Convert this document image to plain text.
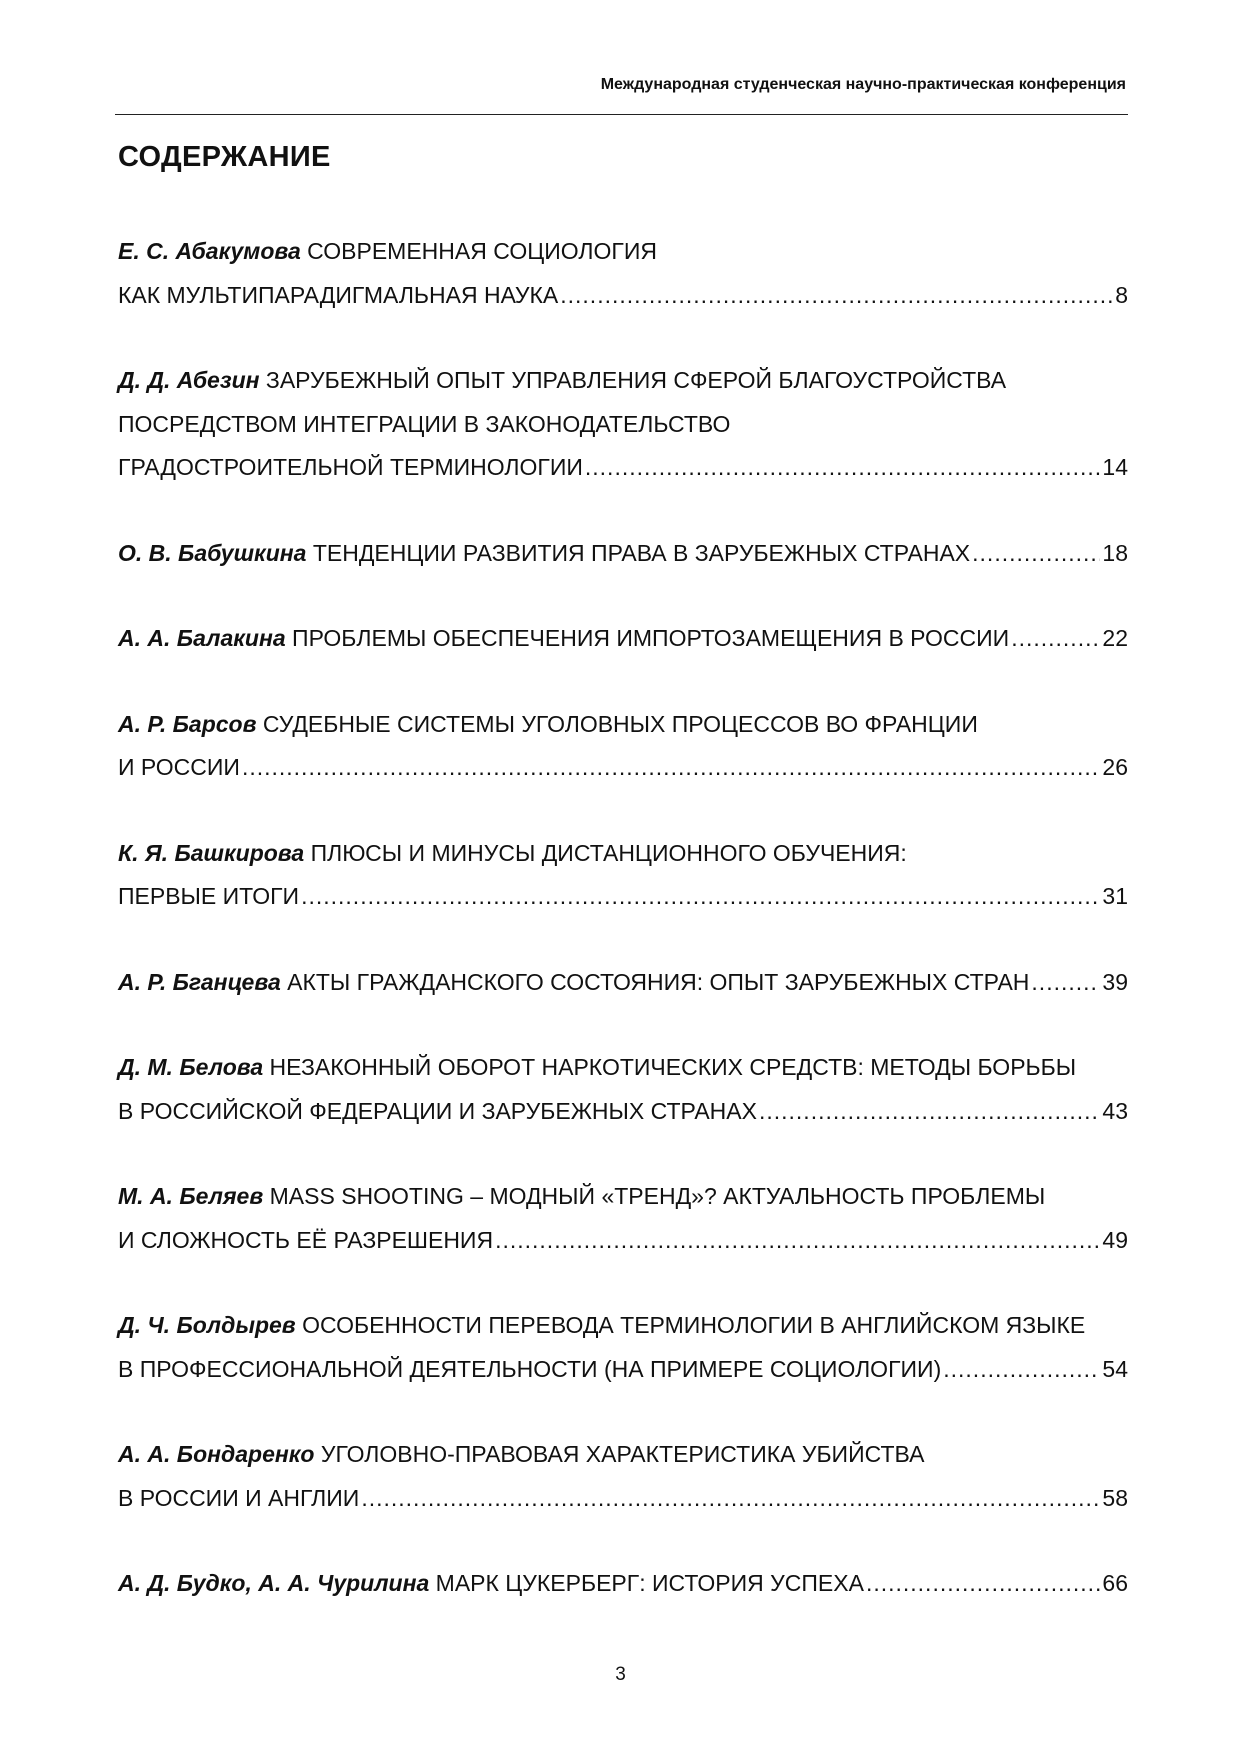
Международная студенческая научно-практическая конференция
СОДЕРЖАНИЕ
Е. С. Абакумова СОВРЕМЕННАЯ СОЦИОЛОГИЯ
КАК МУЛЬТИПАРАДИГМАЛЬНАЯ НАУКА .....	8
Д. Д. Абезин ЗАРУБЕЖНЫЙ ОПЫТ УПРАВЛЕНИЯ СФЕРОЙ БЛАГОУСТРОЙСТВА
ПОСРЕДСТВОМ ИНТЕГРАЦИИ В ЗАКОНОДАТЕЛЬСТВО
ГРАДОСТРОИТЕЛЬНОЙ ТЕРМИНОЛОГИИ .....	14
О. В. Бабушкина ТЕНДЕНЦИИ РАЗВИТИЯ ПРАВА В ЗАРУБЕЖНЫХ СТРАНАХ .....	18
А. А. Балакина ПРОБЛЕМЫ ОБЕСПЕЧЕНИЯ ИМПОРТОЗАМЕЩЕНИЯ В РОССИИ .....	22
А. Р. Барсов СУДЕБНЫЕ СИСТЕМЫ УГОЛОВНЫХ ПРОЦЕССОВ ВО ФРАНЦИИ
И РОССИИ .....	26
К. Я. Башкирова ПЛЮСЫ И МИНУСЫ ДИСТАНЦИОННОГО ОБУЧЕНИЯ:
ПЕРВЫЕ ИТОГИ .....	31
А. Р. Бганцева АКТЫ ГРАЖДАНСКОГО СОСТОЯНИЯ: ОПЫТ ЗАРУБЕЖНЫХ СТРАН .....	39
Д. М. Белова НЕЗАКОННЫЙ ОБОРОТ НАРКОТИЧЕСКИХ СРЕДСТВ: МЕТОДЫ БОРЬБЫ
В РОССИЙСКОЙ ФЕДЕРАЦИИ И ЗАРУБЕЖНЫХ СТРАНАХ .....	43
М. А. Беляев MASS SHOOTING – МОДНЫЙ «ТРЕНД»? АКТУАЛЬНОСТЬ ПРОБЛЕМЫ
И СЛОЖНОСТЬ ЕЁ РАЗРЕШЕНИЯ .....	49
Д. Ч. Болдырев ОСОБЕННОСТИ ПЕРЕВОДА ТЕРМИНОЛОГИИ В АНГЛИЙСКОМ ЯЗЫКЕ
В ПРОФЕССИОНАЛЬНОЙ ДЕЯТЕЛЬНОСТИ (НА ПРИМЕРЕ СОЦИОЛОГИИ) .....	54
А. А. Бондаренко УГОЛОВНО-ПРАВОВАЯ ХАРАКТЕРИСТИКА УБИЙСТВА
В РОССИИ И АНГЛИИ .....	58
А. Д. Будко, А. А. Чурилина МАРК ЦУКЕРБЕРГ: ИСТОРИЯ УСПЕХА .....	66
3
